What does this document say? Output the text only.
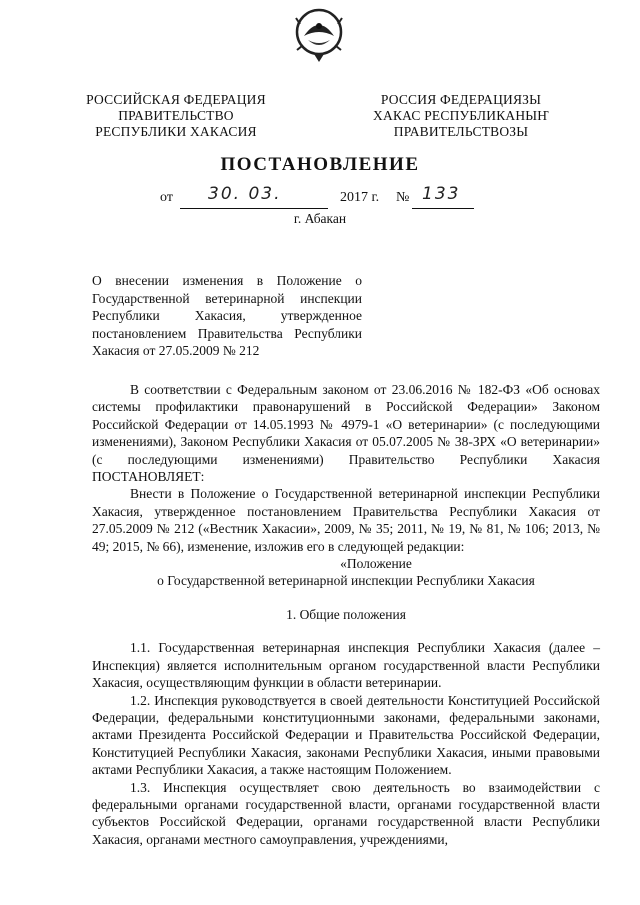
РОССИЙСКАЯ ФЕДЕРАЦИЯ
ПРАВИТЕЛЬСТВО
РЕСПУБЛИКИ ХАКАСИЯ
РОССИЯ ФЕДЕРАЦИЯЗЫ
ХАКАС РЕСПУБЛИКАНЫҤ
ПРАВИТЕЛЬСТВОЗЫ
ПОСТАНОВЛЕНИЕ
от 30. 03.	2017 г. № 133
г. Абакан
О внесении изменения в Положение о Государственной ветеринарной инспекции Республики Хакасия, утвержденное постановлением Правительства Республики Хакасия от 27.05.2009 № 212

В соответствии с Федеральным законом от 23.06.2016 № 182-ФЗ «Об основах системы профилактики правонарушений в Российской Федерации» Законом Российской Федерации от 14.05.1993 № 4979-1 «О ветеринарии» (с последующими изменениями), Законом Республики Хакасия от 05.07.2005 № 38-ЗРХ «О ветеринарии» (с последующими изменениями) Правительство Республики Хакасия ПОСТАНОВЛЯЕТ:

Внести в Положение о Государственной ветеринарной инспекции Республики Хакасия, утвержденное постановлением Правительства Республики Хакасия от 27.05.2009 № 212 («Вестник Хакасии», 2009, № 35; 2011, № 19, № 81, № 106; 2013, № 49; 2015, № 66), изменение, изложив его в следующей редакции:

«Положение

о Государственной ветеринарной инспекции Республики Хакасия

1. Общие положения

1.1. Государственная ветеринарная инспекция Республики Хакасия (далее – Инспекция) является исполнительным органом государственной власти Республики Хакасия, осуществляющим функции в области ветеринарии.

1.2. Инспекция руководствуется в своей деятельности Конституцией Российской Федерации, федеральными конституционными законами, федеральными законами, актами Президента Российской Федерации и Правительства Российской Федерации, Конституцией Республики Хакасия, законами Республики Хакасия, иными правовыми актами Республики Хакасия, а также настоящим Положением.

1.3. Инспекция осуществляет свою деятельность во взаимодействии с федеральными органами государственной власти, органами государственной власти субъектов Российской Федерации, органами государственной власти Республики Хакасия, органами местного самоуправления, учреждениями,
